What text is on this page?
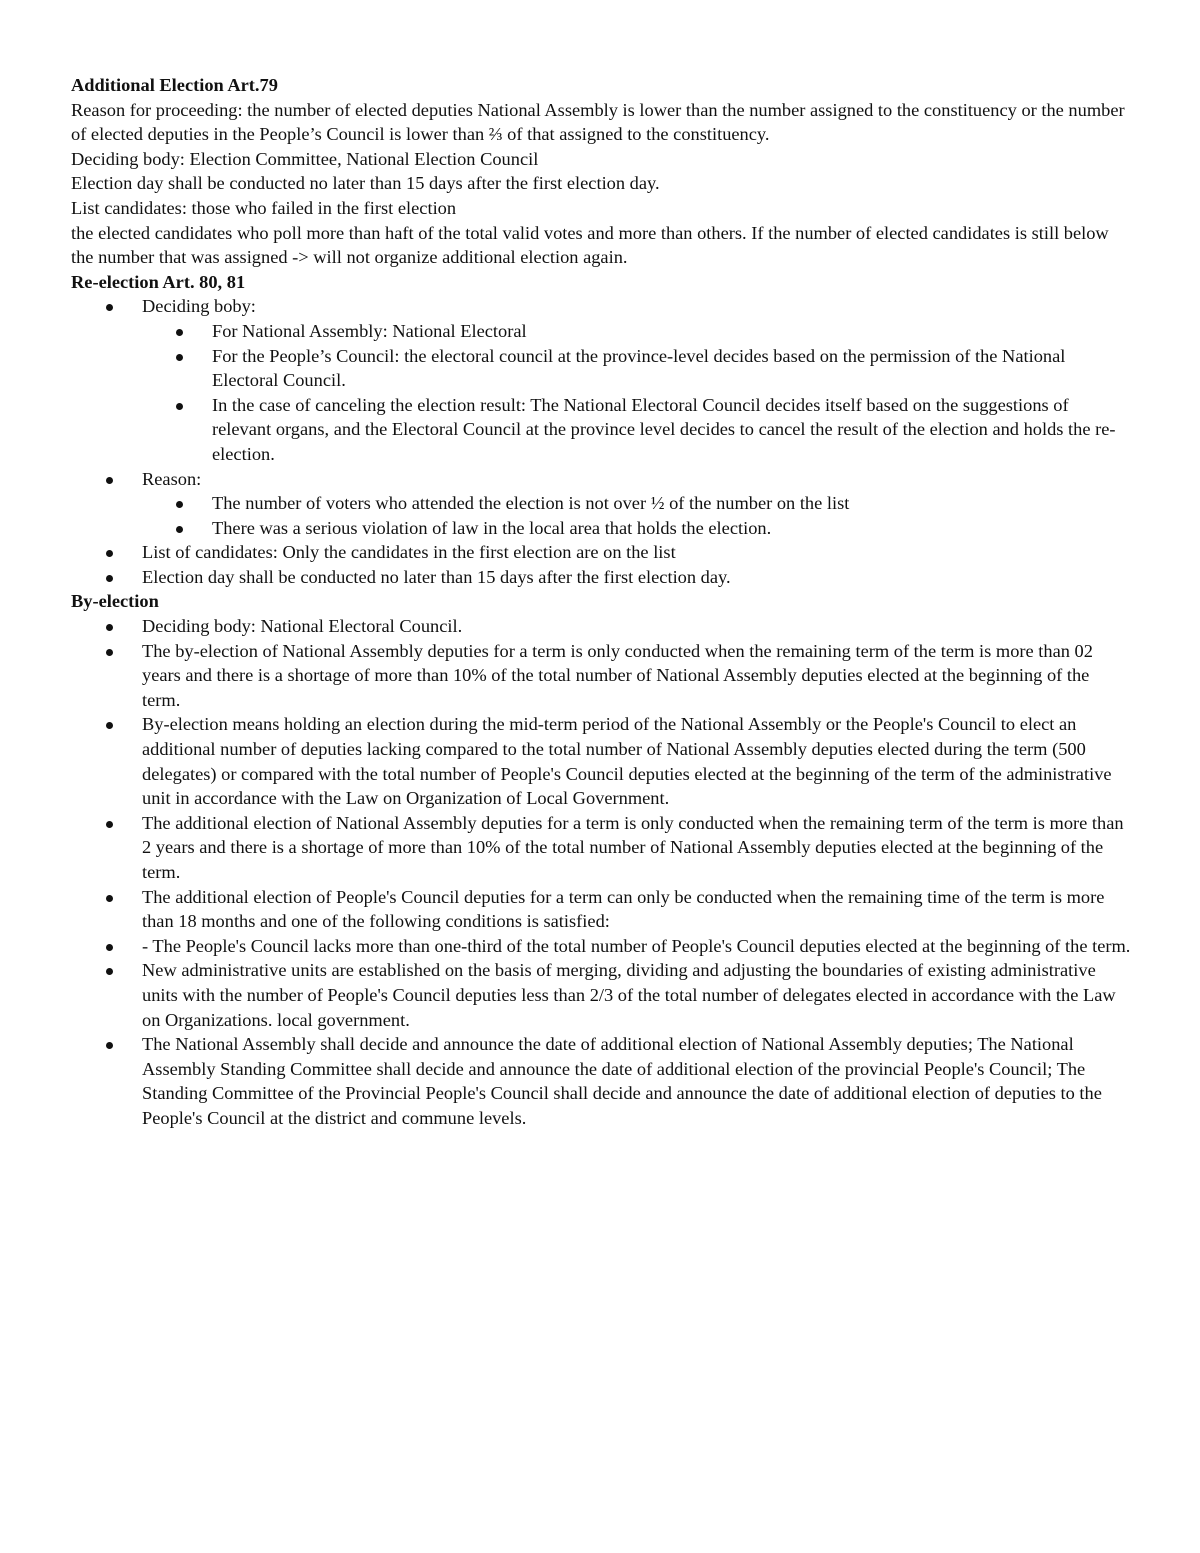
Additional Election Art.79

Reason for proceeding: the number of elected deputies National Assembly is lower than the number assigned to the constituency or the number of elected deputies in the People’s Council is lower than ⅔ of that assigned to the constituency.

Deciding body: Election Committee, National Election Council

Election day shall be conducted no later than 15 days after the first election day.

List candidates: those who failed in the first election

the elected candidates who poll more than haft of the total valid votes and more than others. If the number of elected candidates is still below the number that was assigned -> will not organize additional election again.

Re-election Art. 80, 81
Deciding boby:
For National Assembly: National Electoral
For the People’s Council: the electoral council at the province-level decides based on the permission of the National Electoral Council.
In the case of canceling the election result: The National Electoral Council decides itself based on the suggestions of relevant organs, and the Electoral Council at the province level decides to cancel the result of the election and holds the re-election.
Reason:
The number of voters who attended the election is not over ½ of the number on the list
There was a serious violation of law in the local area that holds the election.
List of candidates: Only the candidates in the first election are on the list
Election day shall be conducted no later than 15 days after the first election day.
By-election
Deciding body: National Electoral Council.
The by-election of National Assembly deputies for a term is only conducted when the remaining term of the term is more than 02 years and there is a shortage of more than 10% of the total number of National Assembly deputies elected at the beginning of the term.
By-election means holding an election during the mid-term period of the National Assembly or the People's Council to elect an additional number of deputies lacking compared to the total number of National Assembly deputies elected during the term (500 delegates) or compared with the total number of People's Council deputies elected at the beginning of the term of the administrative unit in accordance with the Law on Organization of Local Government.
The additional election of National Assembly deputies for a term is only conducted when the remaining term of the term is more than 2 years and there is a shortage of more than 10% of the total number of National Assembly deputies elected at the beginning of the term.
The additional election of People's Council deputies for a term can only be conducted when the remaining time of the term is more than 18 months and one of the following conditions is satisfied:
- The People's Council lacks more than one-third of the total number of People's Council deputies elected at the beginning of the term.
New administrative units are established on the basis of merging, dividing and adjusting the boundaries of existing administrative units with the number of People's Council deputies less than 2/3 of the total number of delegates elected in accordance with the Law on Organizations. local government.
The National Assembly shall decide and announce the date of additional election of National Assembly deputies; The National Assembly Standing Committee shall decide and announce the date of additional election of the provincial People's Council; The Standing Committee of the Provincial People's Council shall decide and announce the date of additional election of deputies to the People's Council at the district and commune levels.
